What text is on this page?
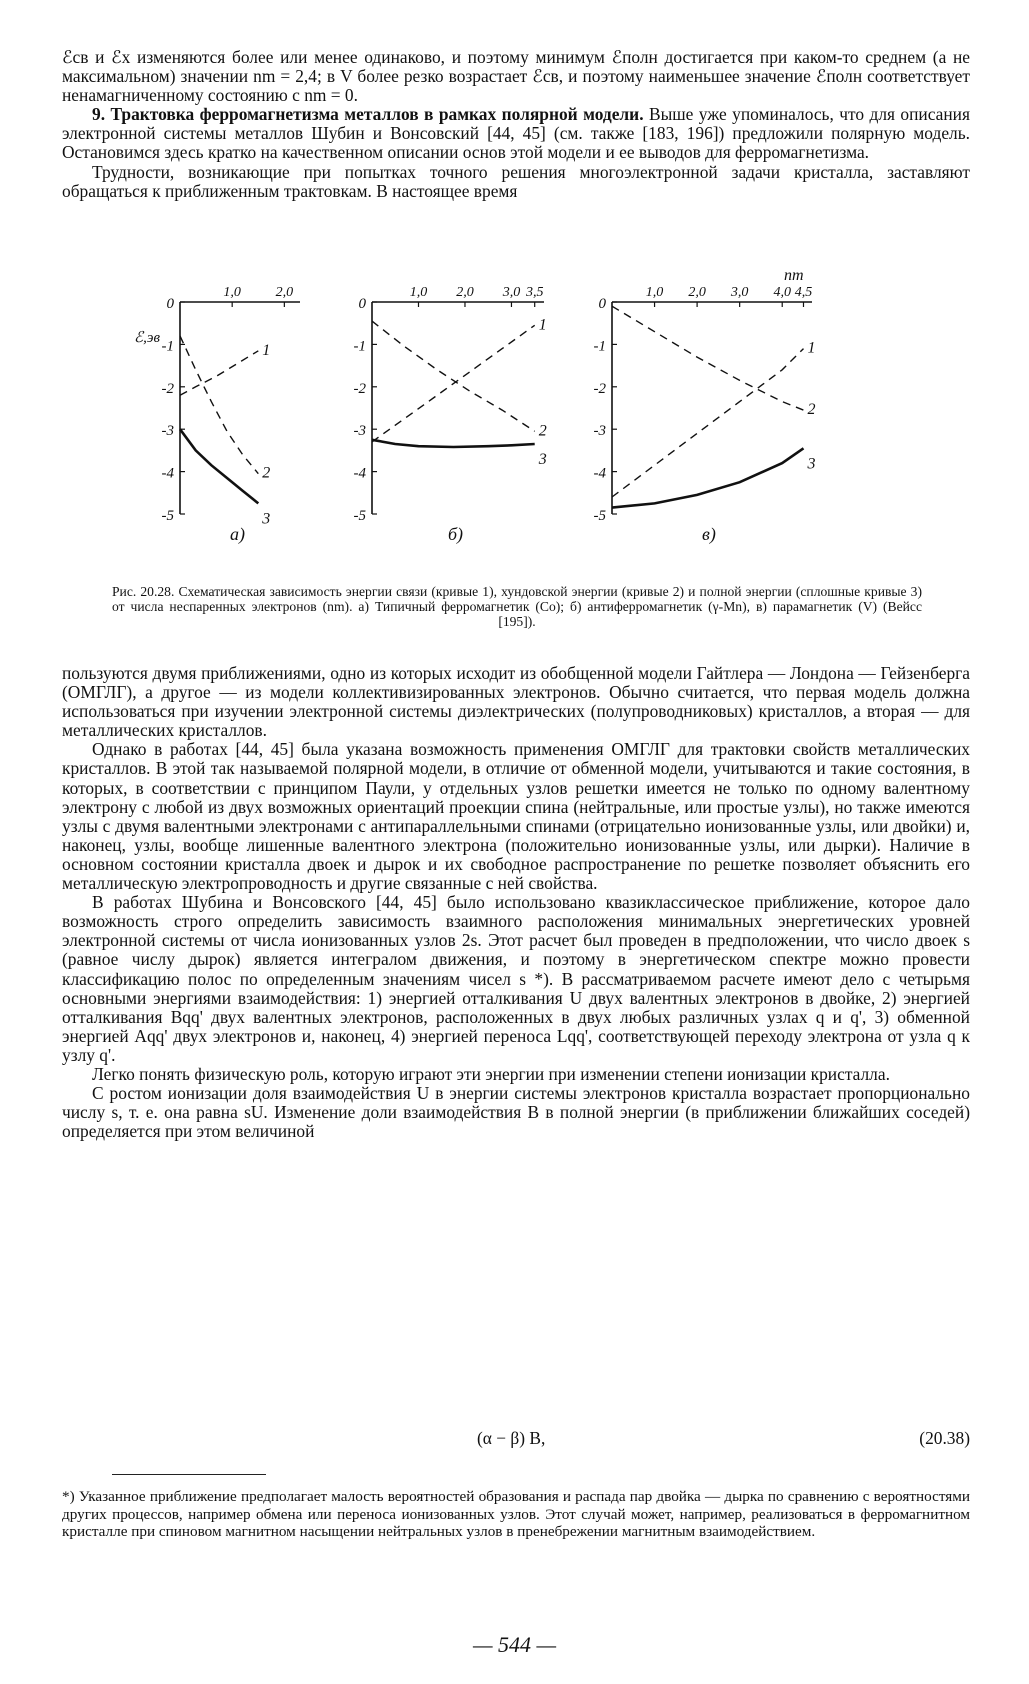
ℰсв и ℰх изменяются более или менее одинаково, и поэтому минимум ℰполн достигается при каком-то среднем (а не максимальном) значении nm = 2,4; в V более резко возрастает ℰсв, и поэтому наименьшее значение ℰполн соответствует ненамагниченному состоянию с nm = 0.

9. Трактовка ферромагнетизма металлов в рамках полярной модели. Выше уже упоминалось, что для описания электронной системы металлов Шубин и Вонсовский [44, 45] (см. также [183, 196]) предложили полярную модель. Остановимся здесь кратко на качественном описании основ этой модели и ее выводов для ферромагнетизма.

Трудности, возникающие при попытках точного решения многоэлектронной задачи кристалла, заставляют обращаться к приближенным трактовкам. В настоящее время

0
-1
-2
-3
-4
-5
1,0 2,0
ℰ,эв
1
2
3
а)
0
-1
-2
-3
-4
-5
1,0 2,0 3,0 3,5
1
2
3
б)
0
-1
-2
-3
-4
-5
1,0 2,0 3,0 4,0 4,5
nm
1
2
3
в)
Рис. 20.28. Схематическая зависимость энергии связи (кривые 1), хундовской энергии (кривые 2) и полной энергии (сплошные кривые 3) от числа неспаренных электронов (nm). а) Типичный ферромагнетик (Co); б) антиферромагнетик (γ-Mn), в) парамагнетик (V) (Вейсс [195]).

пользуются двумя приближениями, одно из которых исходит из обобщенной модели Гайтлера — Лондона — Гейзенберга (ОМГЛГ), а другое — из модели коллективизированных электронов. Обычно считается, что первая модель должна использоваться при изучении электронной системы диэлектрических (полупроводниковых) кристаллов, а вторая — для металлических кристаллов.

Однако в работах [44, 45] была указана возможность применения ОМГЛГ для трактовки свойств металлических кристаллов. В этой так называемой полярной модели, в отличие от обменной модели, учитываются и такие состояния, в которых, в соответствии с принципом Паули, у отдельных узлов решетки имеется не только по одному валентному электрону с любой из двух возможных ориентаций проекции спина (нейтральные, или простые узлы), но также имеются узлы с двумя валентными электронами с антипараллельными спинами (отрицательно ионизованные узлы, или двойки) и, наконец, узлы, вообще лишенные валентного электрона (положительно ионизованные узлы, или дырки). Наличие в основном состоянии кристалла двоек и дырок и их свободное распространение по решетке позволяет объяснить его металлическую электропроводность и другие связанные с ней свойства.

В работах Шубина и Вонсовского [44, 45] было использовано квазиклассическое приближение, которое дало возможность строго определить зависимость взаимного расположения минимальных энергетических уровней электронной системы от числа ионизованных узлов 2s. Этот расчет был проведен в предположении, что число двоек s (равное числу дырок) является интегралом движения, и поэтому в энергетическом спектре можно провести классификацию полос по определенным значениям чисел s *). В рассматриваемом расчете имеют дело с четырьмя основными энергиями взаимодействия: 1) энергией отталкивания U двух валентных электронов в двойке, 2) энергией отталкивания Bqq' двух валентных электронов, расположенных в двух любых различных узлах q и q', 3) обменной энергией Aqq' двух электронов и, наконец, 4) энергией переноса Lqq', соответствующей переходу электрона от узла q к узлу q'.

Легко понять физическую роль, которую играют эти энергии при изменении степени ионизации кристалла.

С ростом ионизации доля взаимодействия U в энергии системы электронов кристалла возрастает пропорционально числу s, т. е. она равна sU. Изменение доли взаимодействия B в полной энергии (в приближении ближайших соседей) определяется при этом величиной

(α − β) B,	(20.38)
*) Указанное приближение предполагает малость вероятностей образования и распада пар двойка — дырка по сравнению с вероятностями других процессов, например обмена или переноса ионизованных узлов. Этот случай может, например, реализоваться в ферромагнитном кристалле при спиновом магнитном насыщении нейтральных узлов в пренебрежении магнитным взаимодействием.
— 544 —
